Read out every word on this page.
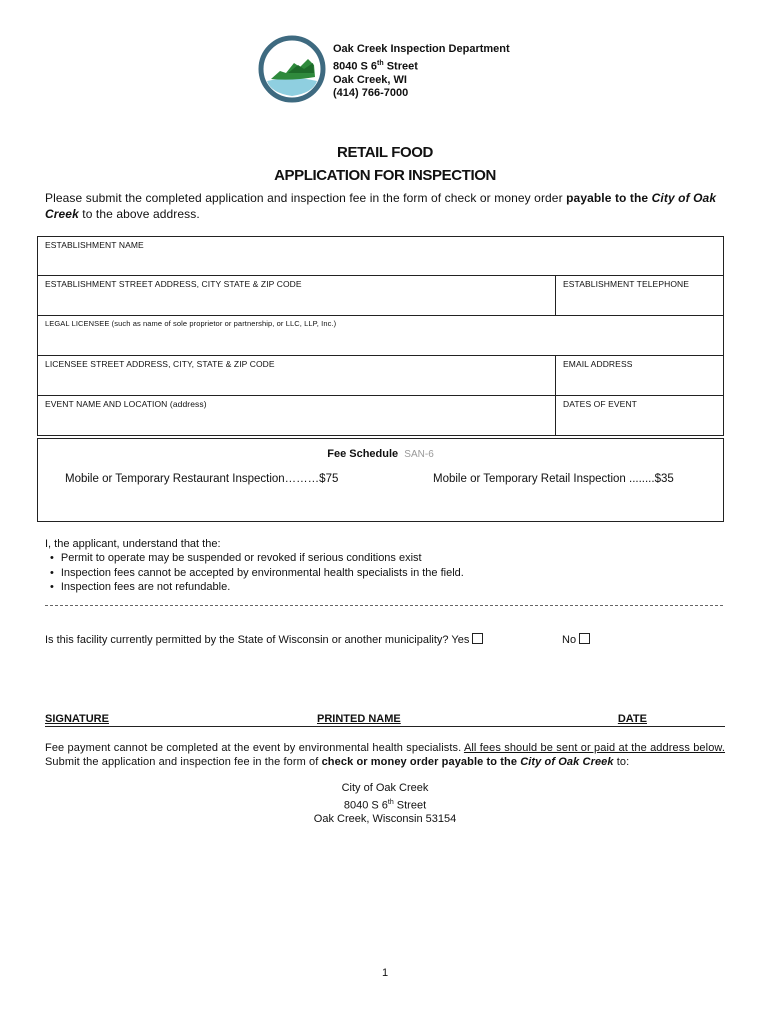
Oak Creek Inspection Department
8040 S 6th Street
Oak Creek, WI
(414) 766-7000
RETAIL FOOD
APPLICATION FOR INSPECTION
Please submit the completed application and inspection fee in the form of check or money order payable to the City of Oak Creek to the above address.
ESTABLISHMENT NAME	
ESTABLISHMENT STREET ADDRESS, CITY STATE & ZIP CODE	ESTABLISHMENT TELEPHONE
LEGAL LICENSEE (such as name of sole proprietor or partnership, or LLC, LLP, Inc.)	
LICENSEE STREET ADDRESS, CITY, STATE & ZIP CODE	EMAIL ADDRESS
EVENT NAME AND LOCATION (address)	DATES OF EVENT
Fee Schedule SAN-6
Mobile or Temporary Restaurant Inspection………$75	Mobile or Temporary Retail Inspection ........$35
I, the applicant, understand that the:
• Permit to operate may be suspended or revoked if serious conditions exist
• Inspection fees cannot be accepted by environmental health specialists in the field.
• Inspection fees are not refundable.
Is this facility currently permitted by the State of Wisconsin or another municipality? Yes	No
SIGNATURE	PRINTED NAME	DATE
Fee payment cannot be completed at the event by environmental health specialists. All fees should be sent or paid at the address below. Submit the application and inspection fee in the form of check or money order payable to the City of Oak Creek to:
City of Oak Creek
8040 S 6th Street
Oak Creek, Wisconsin 53154
1
